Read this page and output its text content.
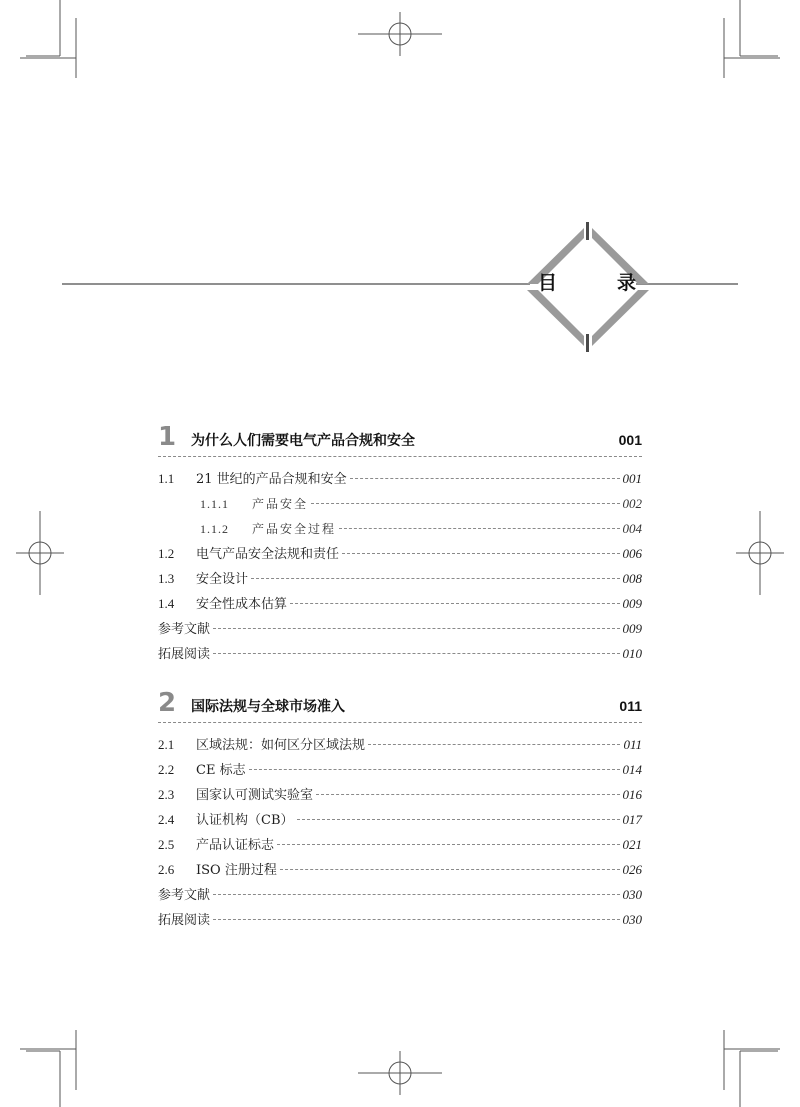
目	录
1	为什么人们需要电气产品合规和安全	001
1.1	21 世纪的产品合规和安全	001
1.1.1	产品安全	002
1.1.2	产品安全过程	004
1.2	电气产品安全法规和责任	006
1.3	安全设计	008
1.4	安全性成本估算	009
参考文献	009
拓展阅读	010
2	国际法规与全球市场准入	011
2.1	区域法规：如何区分区域法规	011
2.2	CE 标志	014
2.3	国家认可测试实验室	016
2.4	认证机构（CB）	017
2.5	产品认证标志	021
2.6	ISO 注册过程	026
参考文献	030
拓展阅读	030
